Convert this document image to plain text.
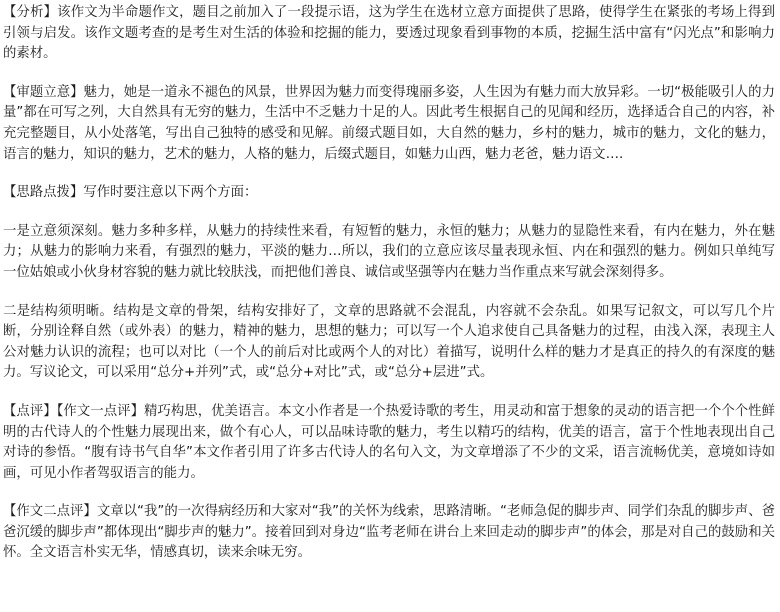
【分析】该作文为半命题作文，题目之前加入了一段提示语，这为学生在选材立意方面提供了思路，使得学生在紧张的考场上得到引领与启发。该作文题考查的是考生对生活的体验和挖掘的能力，要透过现象看到事物的本质，挖掘生活中富有“闪光点”和影响力的素材。

【审题立意】魅力，她是一道永不褪色的风景，世界因为魅力而变得瑰丽多姿，人生因为有魅力而大放异彩。一切“极能吸引人的力量”都在可写之列，大自然具有无穷的魅力，生活中不乏魅力十足的人。因此考生根据自己的见闻和经历，选择适合自己的内容，补充完整题目，从小处落笔，写出自己独特的感受和见解。前缀式题目如，大自然的魅力，乡村的魅力，城市的魅力，文化的魅力，语言的魅力，知识的魅力，艺术的魅力，人格的魅力，后缀式题目，如魅力山西，魅力老爸，魅力语文….

【思路点拨】写作时要注意以下两个方面：

一是立意须深刻。魅力多种多样，从魅力的持续性来看，有短暂的魅力，永恒的魅力；从魅力的显隐性来看，有内在魅力，外在魅力；从魅力的影响力来看，有强烈的魅力，平淡的魅力…所以，我们的立意应该尽量表现永恒、内在和强烈的魅力。例如只单纯写一位姑娘或小伙身材容貌的魅力就比较肤浅，而把他们善良、诚信或坚强等内在魅力当作重点来写就会深刻得多。

二是结构须明晰。结构是文章的骨架，结构安排好了，文章的思路就不会混乱，内容就不会杂乱。如果写记叙文，可以写几个片断，分别诠释自然（或外表）的魅力，精神的魅力，思想的魅力；可以写一个人追求使自己具备魅力的过程，由浅入深，表现主人公对魅力认识的流程；也可以对比（一个人的前后对比或两个人的对比）着描写，说明什么样的魅力才是真正的持久的有深度的魅力。写议论文，可以采用“总分+并列”式，或“总分+对比”式，或“总分+层进”式。

【点评】【作文一点评】精巧构思，优美语言。本文小作者是一个热爱诗歌的考生，用灵动和富于想象的灵动的语言把一个个个性鲜明的古代诗人的个性魅力展现出来，做个有心人，可以品味诗歌的魅力，考生以精巧的结构，优美的语言，富于个性地表现出自己对诗的参悟。“腹有诗书气自华”本文作者引用了许多古代诗人的名句入文，为文章增添了不少的文采，语言流畅优美，意境如诗如画，可见小作者驾驭语言的能力。

【作文二点评】文章以“我”的一次得病经历和大家对“我”的关怀为线索，思路清晰。“老师急促的脚步声、同学们杂乱的脚步声、爸爸沉缓的脚步声”都体现出“脚步声的魅力”。接着回到对身边“监考老师在讲台上来回走动的脚步声”的体会，那是对自己的鼓励和关怀。全文语言朴实无华，情感真切，读来余味无穷。
